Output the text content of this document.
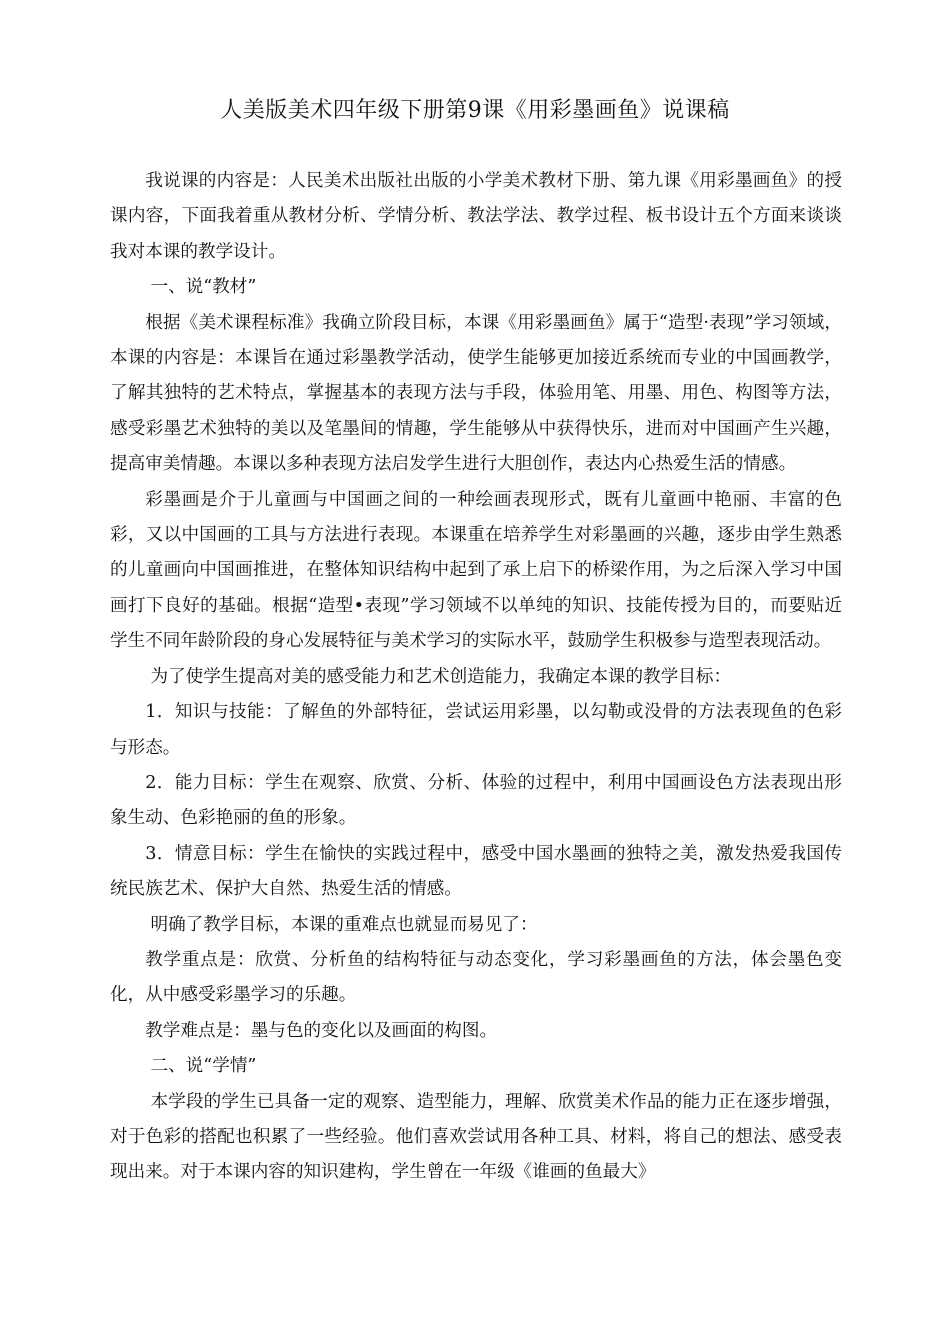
人美版美术四年级下册第9课《用彩墨画鱼》说课稿

我说课的内容是：人民美术出版社出版的小学美术教材下册、第九课《用彩墨画鱼》的授课内容，下面我着重从教材分析、学情分析、教法学法、教学过程、板书设计五个方面来谈谈我对本课的教学设计。

一、说“教材”

根据《美术课程标准》我确立阶段目标，本课《用彩墨画鱼》属于“造型·表现”学习领域，本课的内容是：本课旨在通过彩墨教学活动，使学生能够更加接近系统而专业的中国画教学，了解其独特的艺术特点，掌握基本的表现方法与手段，体验用笔、用墨、用色、构图等方法，感受彩墨艺术独特的美以及笔墨间的情趣，学生能够从中获得快乐，进而对中国画产生兴趣，提高审美情趣。本课以多种表现方法启发学生进行大胆创作，表达内心热爱生活的情感。

彩墨画是介于儿童画与中国画之间的一种绘画表现形式，既有儿童画中艳丽、丰富的色彩，又以中国画的工具与方法进行表现。本课重在培养学生对彩墨画的兴趣，逐步由学生熟悉的儿童画向中国画推进，在整体知识结构中起到了承上启下的桥梁作用，为之后深入学习中国画打下良好的基础。根据“造型•表现”学习领域不以单纯的知识、技能传授为目的，而要贴近学生不同年龄阶段的身心发展特征与美术学习的实际水平，鼓励学生积极参与造型表现活动。

为了使学生提高对美的感受能力和艺术创造能力，我确定本课的教学目标：

1．知识与技能：了解鱼的外部特征，尝试运用彩墨，以勾勒或没骨的方法表现鱼的色彩与形态。

2．能力目标：学生在观察、欣赏、分析、体验的过程中，利用中国画设色方法表现出形象生动、色彩艳丽的鱼的形象。

3．情意目标：学生在愉快的实践过程中，感受中国水墨画的独特之美，激发热爱我国传统民族艺术、保护大自然、热爱生活的情感。

明确了教学目标，本课的重难点也就显而易见了：

教学重点是：欣赏、分析鱼的结构特征与动态变化，学习彩墨画鱼的方法，体会墨色变化，从中感受彩墨学习的乐趣。

教学难点是：墨与色的变化以及画面的构图。

二、说“学情”

本学段的学生已具备一定的观察、造型能力，理解、欣赏美术作品的能力正在逐步增强，对于色彩的搭配也积累了一些经验。他们喜欢尝试用各种工具、材料，将自己的想法、感受表现出来。对于本课内容的知识建构，学生曾在一年级《谁画的鱼最大》
